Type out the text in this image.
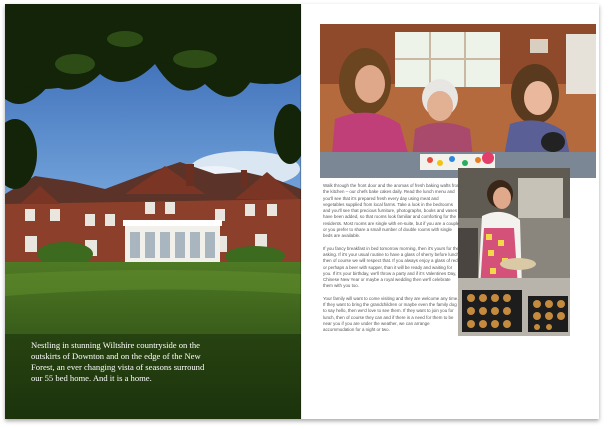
Nestling in stunning Wiltshire countryside on the outskirts of Downton and on the edge of the New Forest, an ever changing vista of seasons surround our 55 bed home. And it is a home.

Walk through the front door and the aromas of fresh baking wafts from the kitchen – our chefs bake cakes daily. Read the lunch menu and you'll see that it's prepared fresh every day using meat and vegetables supplied from local farms. Take a look in the bedrooms and you'll see that precious furniture, photographs, books and vases have been added, so that rooms look familiar and comforting for the residents. Most rooms are single with en-suite, but if you are a couple or you prefer to share a small number of double rooms with single beds are available.

If you fancy breakfast in bed tomorrow morning, then it's yours for the asking. If it's your usual routine to have a glass of sherry before lunch, then of course we will respect that. If you always enjoy a glass of red or perhaps a beer with supper, than it will be ready and waiting for you. If it's your birthday, we'll throw a party and if it's Valentines Day, Chinese New Year or maybe a royal wedding then we'll celebrate them with you too.

Your family will want to come visiting and they are welcome any time. If they want to bring the grandchildren or maybe even the family dog to say hello, then we'd love to see them. If they want to join you for lunch, then of course they can and if there is a need for them to be near you if you are under the weather, we can arrange accommodation for a night or two.
